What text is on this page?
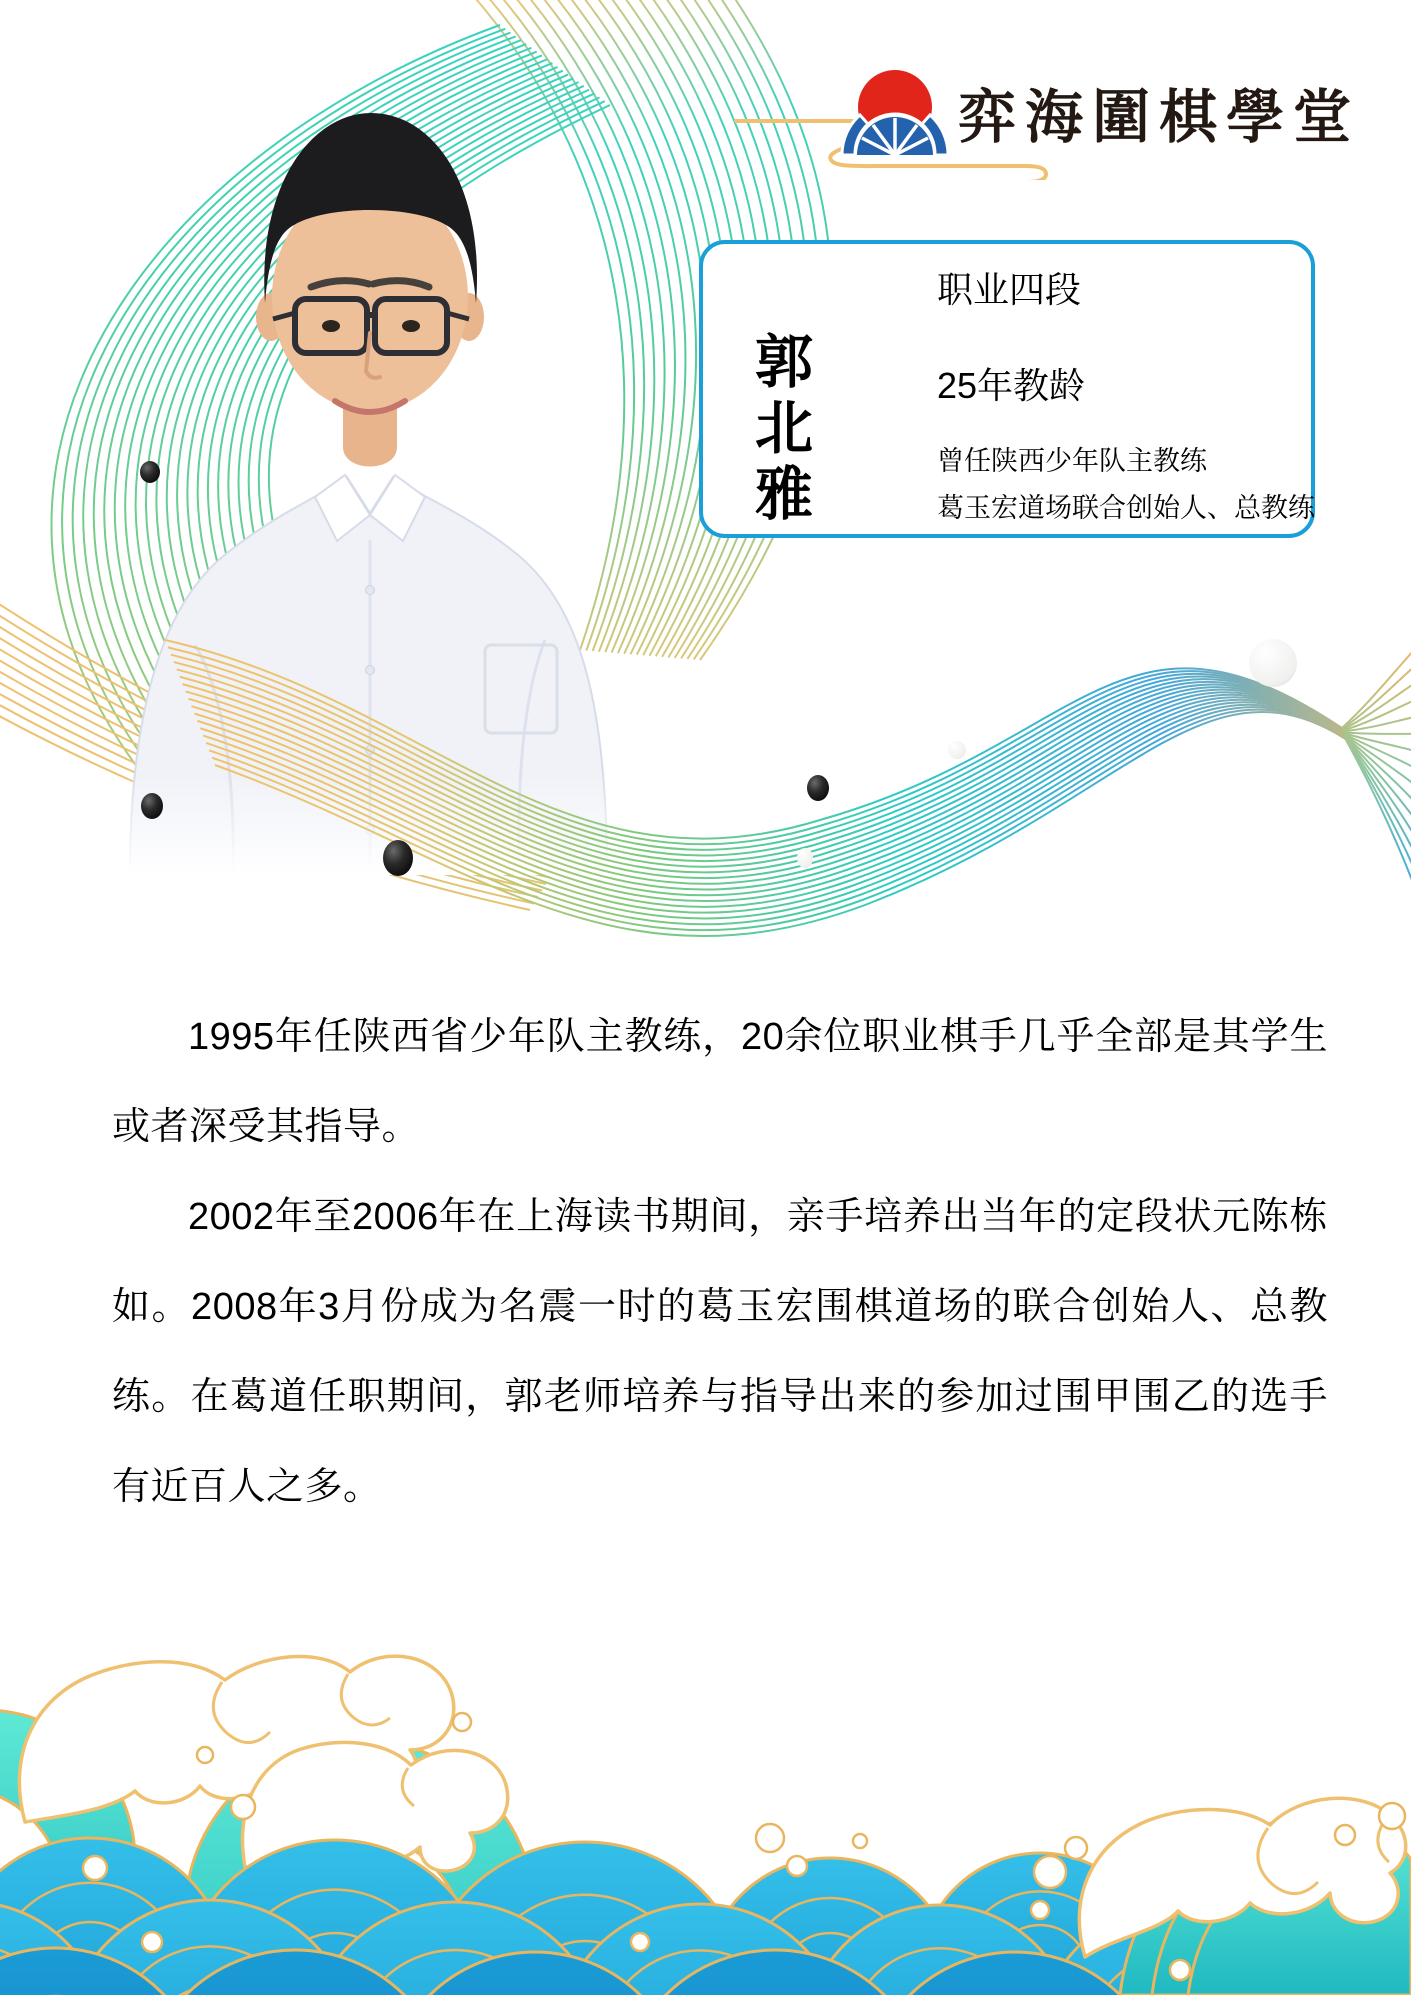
弈海圍棋學堂
郭
北
雅
职业四段
25年教龄
曾任陕西少年队主教练
葛玉宏道场联合创始人、总教练

1995年任陕西省少年队主教练，20余位职业棋手几乎全部是其学生或者深受其指导。

2002年至2006年在上海读书期间，亲手培养出当年的定段状元陈栋如。2008年3月份成为名震一时的葛玉宏围棋道场的联合创始人、总教练。在葛道任职期间，郭老师培养与指导出来的参加过围甲围乙的选手有近百人之多。
